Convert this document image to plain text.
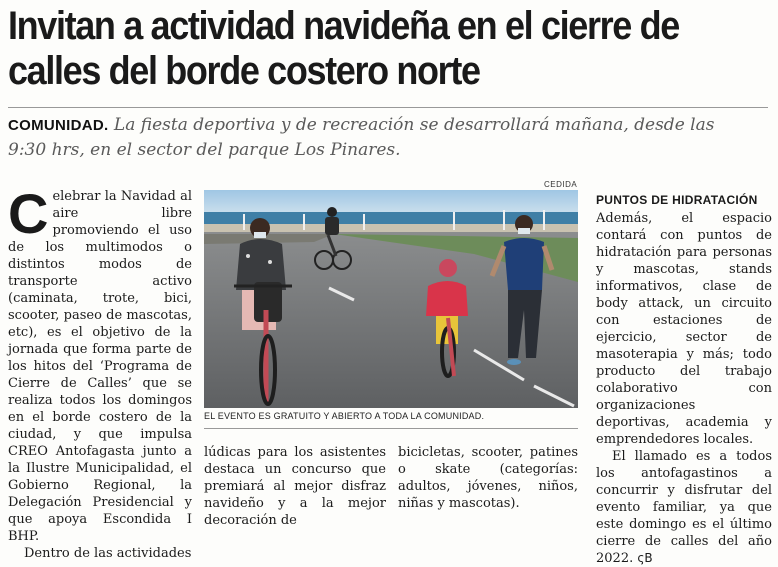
Invitan a actividad navideña en el cierre de calles del borde costero norte
COMUNIDAD. La fiesta deportiva y de recreación se desarrollará mañana, desde las 9:30 hrs, en el sector del parque Los Pinares.
C elebrar la Navidad al aire libre promoviendo el uso de los multimodos o distintos modos de transporte activo (caminata, trote, bici, scooter, paseo de mascotas, etc), es el objetivo de la jornada que forma parte de los hitos del ‘Programa de Cierre de Calles’ que se realiza todos los domingos en el borde costero de la ciudad, y que impulsa CREO Antofagasta junto a la Ilustre Municipalidad, el Gobierno Regional, la Delegación Presidencial y que apoya Escondida I BHP.

Dentro de las actividades

CEDIDA
EL EVENTO ES GRATUITO Y ABIERTO A TODA LA COMUNIDAD.

lúdicas para los asistentes destaca un concurso que premiará al mejor disfraz navideño y a la mejor decoración de

bicicletas, scooter, patines o skate (categorías: adultos, jóvenes, niños, niñas y mascotas).

PUNTOS DE HIDRATACIÓN

Además, el espacio contará con puntos de hidratación para personas y mascotas, stands informativos, clase de body attack, un circuito con estaciones de ejercicio, sector de masoterapia y más; todo producto del trabajo colaborativo con organizaciones deportivas, academia y emprendedores locales.

El llamado es a todos los antofagastinos a concurrir y disfrutar del evento familiar, ya que este domingo es el último cierre de calles del año 2022. ςΒ
